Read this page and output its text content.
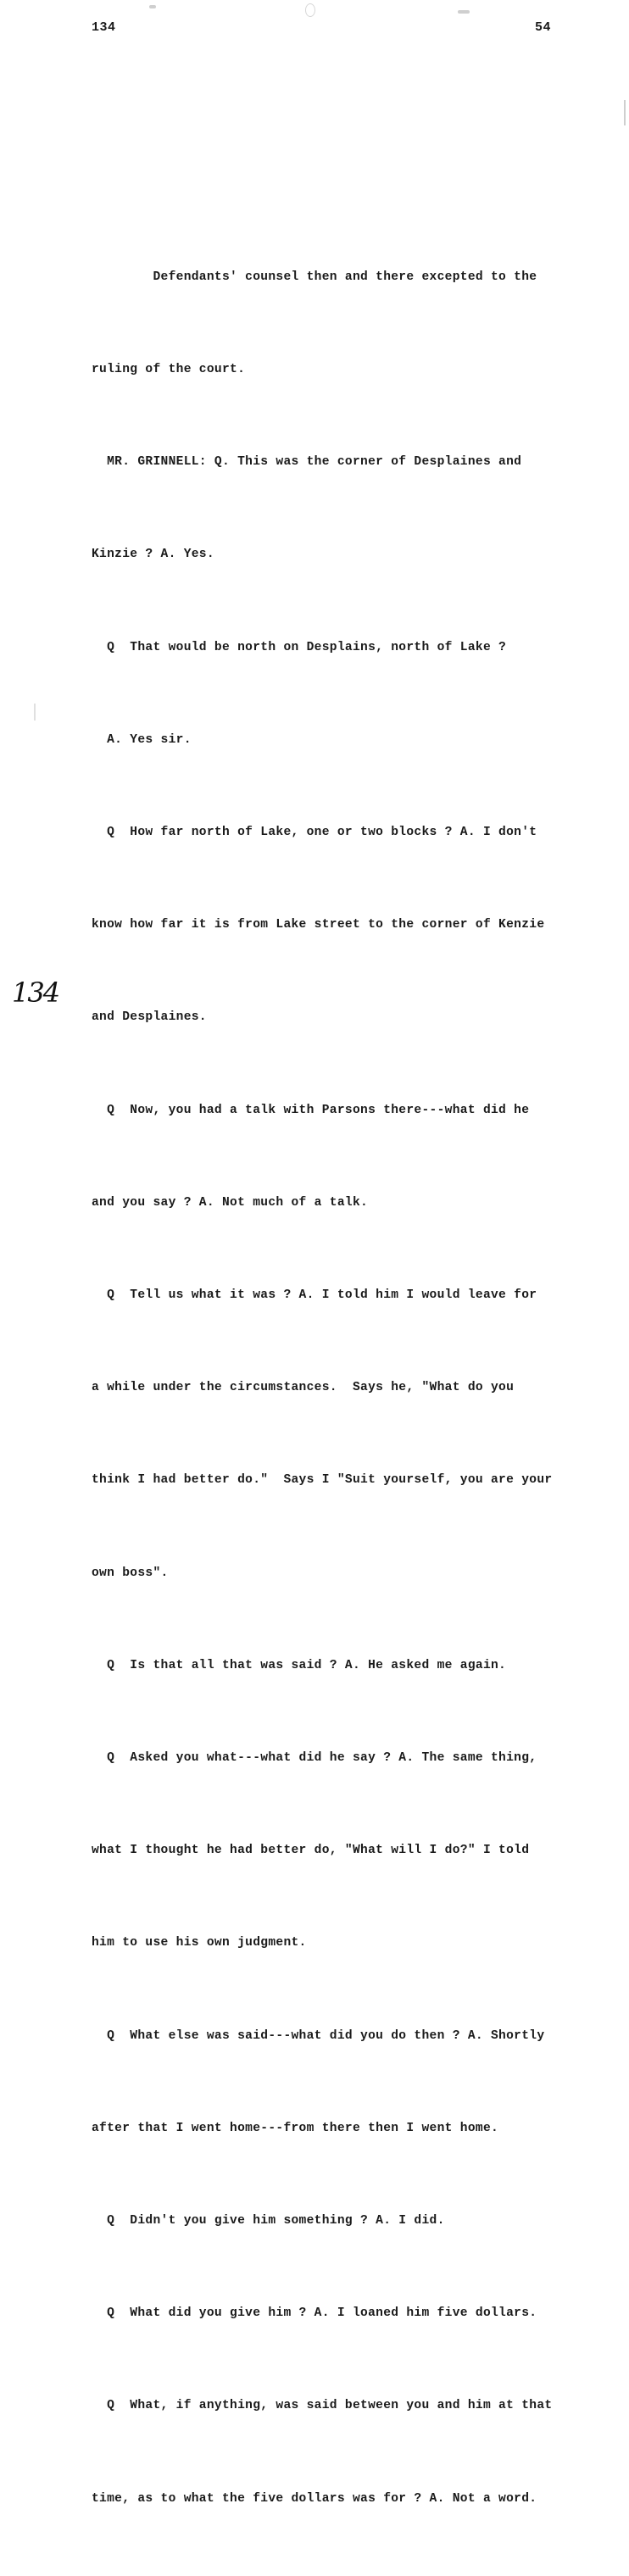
134	54

Defendants' counsel then and there excepted to the

ruling of the court.

MR. GRINNELL: Q. This was the corner of Desplaines and

Kinzie ? A. Yes.

Q  That would be north on Desplains, north of Lake ?

A. Yes sir.

Q  How far north of Lake, one or two blocks ? A. I don't

know how far it is from Lake street to the corner of Kenzie

and Desplaines.

Q  Now, you had a talk with Parsons there---what did he

and you say ? A. Not much of a talk.

Q  Tell us what it was ? A. I told him I would leave for

a while under the circumstances.  Says he, "What do you

think I had better do."  Says I "Suit yourself, you are your

own boss".

Q  Is that all that was said ? A. He asked me again.

Q  Asked you what---what did he say ? A. The same thing,

what I thought he had better do, "What will I do?" I told

him to use his own judgment.

Q  What else was said---what did you do then ? A. Shortly

after that I went home---from there then I went home.

Q  Didn't you give him something ? A. I did.

Q  What did you give him ? A. I loaned him five dollars.

Q  What, if anything, was said between you and him at that

time, as to what the five dollars was for ? A. Not a word.

134
